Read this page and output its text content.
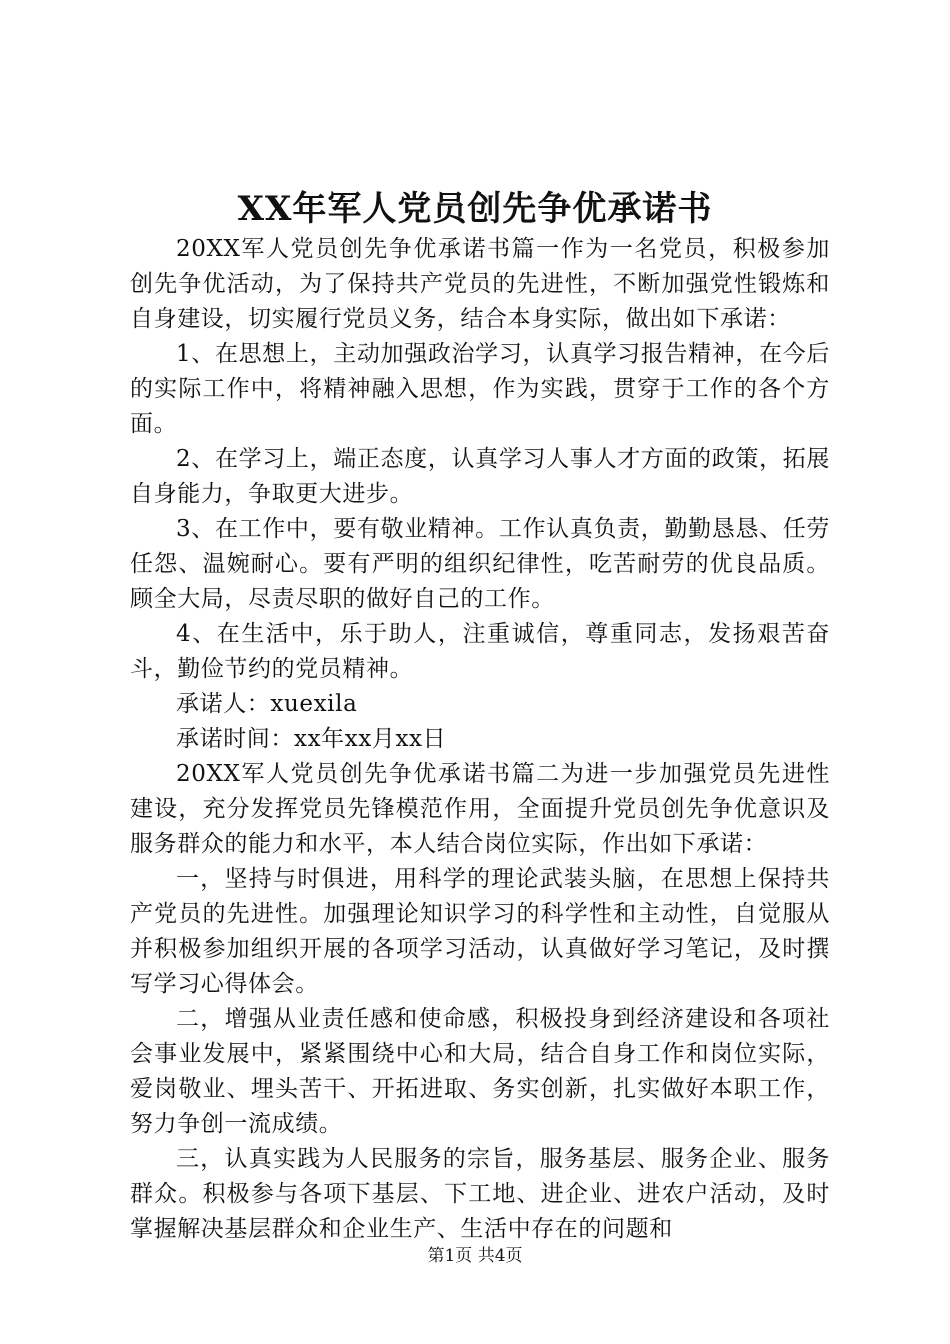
XX年军人党员创先争优承诺书

20XX军人党员创先争优承诺书篇一作为一名党员，积极参加创先争优活动，为了保持共产党员的先进性，不断加强党性锻炼和自身建设，切实履行党员义务，结合本身实际，做出如下承诺：

1、在思想上，主动加强政治学习，认真学习报告精神，在今后的实际工作中，将精神融入思想，作为实践，贯穿于工作的各个方面。

2、在学习上，端正态度，认真学习人事人才方面的政策，拓展自身能力，争取更大进步。

3、在工作中，要有敬业精神。工作认真负责，勤勤恳恳、任劳任怨、温婉耐心。要有严明的组织纪律性，吃苦耐劳的优良品质。顾全大局，尽责尽职的做好自己的工作。

4、在生活中，乐于助人，注重诚信，尊重同志，发扬艰苦奋斗，勤俭节约的党员精神。

承诺人：xuexila

承诺时间：xx年xx月xx日

20XX军人党员创先争优承诺书篇二为进一步加强党员先进性建设，充分发挥党员先锋模范作用，全面提升党员创先争优意识及服务群众的能力和水平，本人结合岗位实际，作出如下承诺：

一，坚持与时俱进，用科学的理论武装头脑，在思想上保持共产党员的先进性。加强理论知识学习的科学性和主动性，自觉服从并积极参加组织开展的各项学习活动，认真做好学习笔记，及时撰写学习心得体会。

二，增强从业责任感和使命感，积极投身到经济建设和各项社会事业发展中，紧紧围绕中心和大局，结合自身工作和岗位实际，爱岗敬业、埋头苦干、开拓进取、务实创新，扎实做好本职工作，努力争创一流成绩。

三，认真实践为人民服务的宗旨，服务基层、服务企业、服务群众。积极参与各项下基层、下工地、进企业、进农户活动，及时掌握解决基层群众和企业生产、生活中存在的问题和

第1页 共4页
